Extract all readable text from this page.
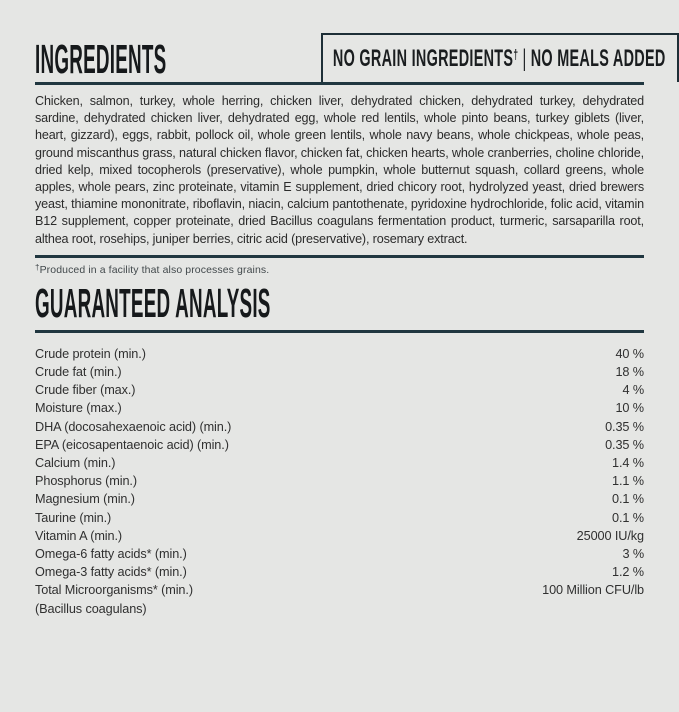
INGREDIENTS	NO GRAIN INGREDIENTS† | NO MEALS ADDED

Chicken, salmon, turkey, whole herring, chicken liver, dehydrated chicken, dehydrated turkey, dehydrated sardine, dehydrated chicken liver, dehydrated egg, whole red lentils, whole pinto beans, turkey giblets (liver, heart, gizzard), eggs, rabbit, pollock oil, whole green lentils, whole navy beans, whole chickpeas, whole peas, ground miscanthus grass, natural chicken flavor, chicken fat, chicken hearts, whole cranberries, choline chloride, dried kelp, mixed tocopherols (preservative), whole pumpkin, whole butternut squash, collard greens, whole apples, whole pears, zinc proteinate, vitamin E supplement, dried chicory root, hydrolyzed yeast, dried brewers yeast, thiamine mononitrate, riboflavin, niacin, calcium pantothenate, pyridoxine hydrochloride, folic acid, vitamin B12 supplement, copper proteinate, dried Bacillus coagulans fermentation product, turmeric, sarsaparilla root, althea root, rosehips, juniper berries, citric acid (preservative), rosemary extract.

†Produced in a facility that also processes grains.
GUARANTEED ANALYSIS
Crude protein (min.)	40 %
Crude fat (min.)	18 %
Crude fiber (max.)	4 %
Moisture (max.)	10 %
DHA (docosahexaenoic acid) (min.)	0.35 %
EPA (eicosapentaenoic acid) (min.)	0.35 %
Calcium (min.)	1.4 %
Phosphorus (min.)	1.1 %
Magnesium (min.)	0.1 %
Taurine (min.)	0.1 %
Vitamin A (min.)	25000 IU/kg
Omega-6 fatty acids* (min.)	3 %
Omega-3 fatty acids* (min.)	1.2 %
Total Microorganisms* (min.)	100 Million CFU/lb
(Bacillus coagulans)
